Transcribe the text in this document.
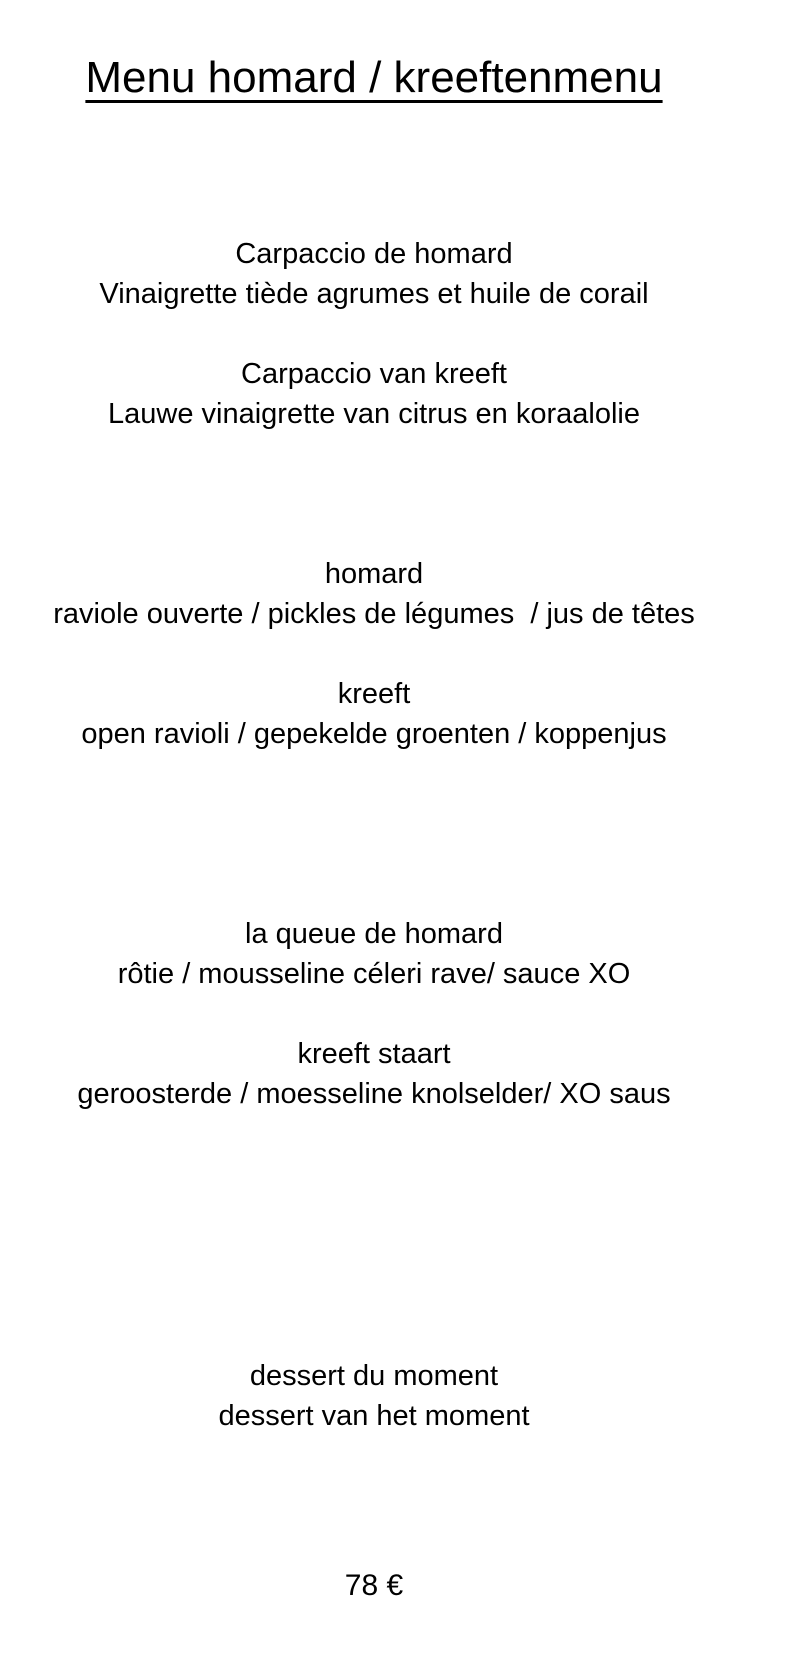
Menu homard / kreeftenmenu

Carpaccio de homard

Vinaigrette tiède agrumes et huile de corail

Carpaccio van kreeft

Lauwe vinaigrette van citrus en koraalolie

homard

raviole ouverte / pickles de légumes  / jus de têtes

kreeft

open ravioli / gepekelde groenten / koppenjus

la queue de homard

rôtie / mousseline céleri rave/ sauce XO

kreeft staart

geroosterde / moesseline knolselder/ XO saus

dessert du moment

dessert van het moment

78 €
